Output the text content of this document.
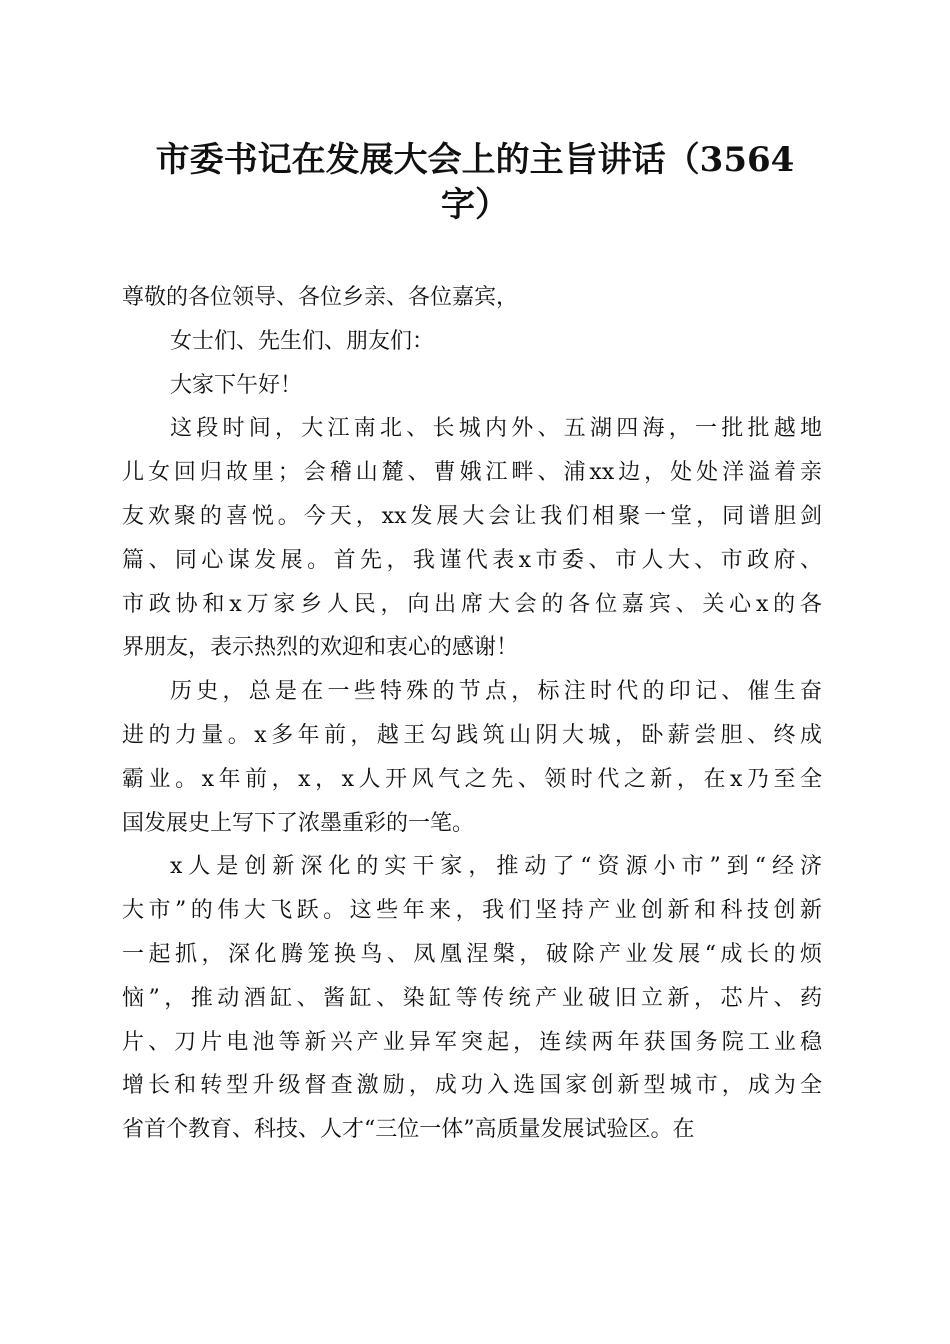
市委书记在发展大会上的主旨讲话（3564
字）
尊敬的各位领导、各位乡亲、各位嘉宾，
女士们、先生们、朋友们：
大家下午好！
这段时间，大江南北、长城内外、五湖四海，一批批越地
儿女回归故里；会稽山麓、曹娥江畔、浦xx边，处处洋溢着亲
友欢聚的喜悦。今天，xx发展大会让我们相聚一堂，同谱胆剑
篇、同心谋发展。首先，我谨代表x市委、市人大、市政府、
市政协和x万家乡人民，向出席大会的各位嘉宾、关心x的各
界朋友，表示热烈的欢迎和衷心的感谢！
历史，总是在一些特殊的节点，标注时代的印记、催生奋
进的力量。x多年前，越王勾践筑山阴大城，卧薪尝胆、终成
霸业。x年前，x，x人开风气之先、领时代之新，在x乃至全
国发展史上写下了浓墨重彩的一笔。
x人是创新深化的实干家，推动了“资源小市”到“经济
大市”的伟大飞跃。这些年来，我们坚持产业创新和科技创新
一起抓，深化腾笼换鸟、凤凰涅槃，破除产业发展“成长的烦
恼”，推动酒缸、酱缸、染缸等传统产业破旧立新，芯片、药
片、刀片电池等新兴产业异军突起，连续两年获国务院工业稳
增长和转型升级督查激励，成功入选国家创新型城市，成为全
省首个教育、科技、人才“三位一体”高质量发展试验区。在
